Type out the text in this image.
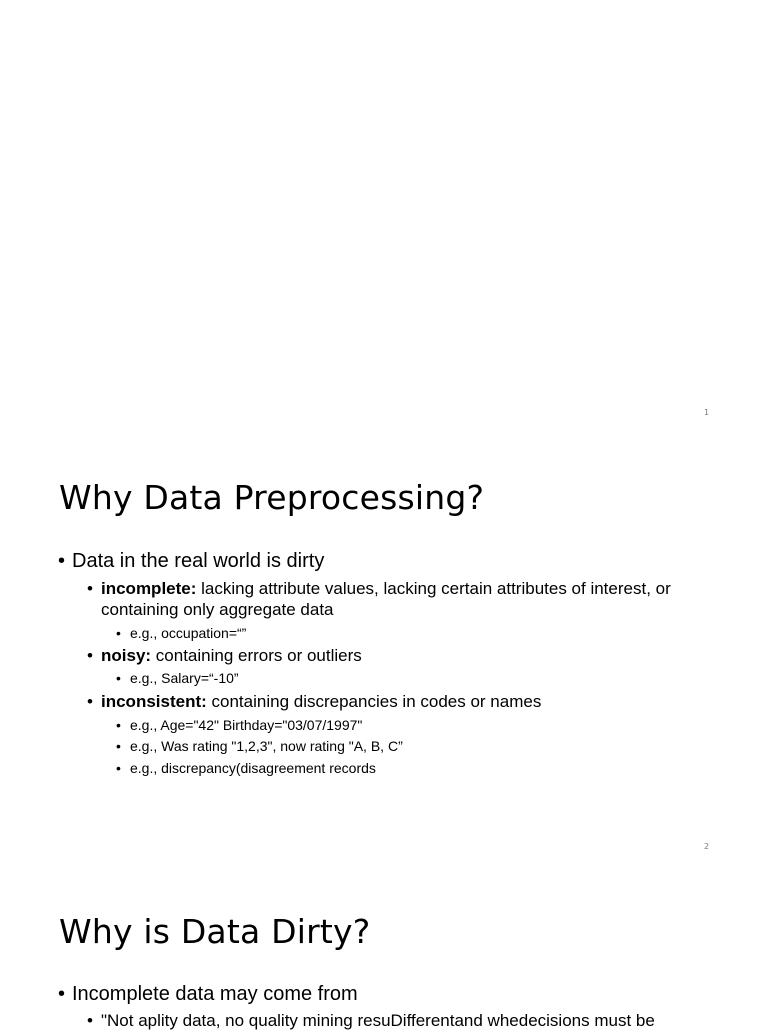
1
Why Data Preprocessing?
• Data in the real world is dirty
• incomplete: lacking attribute values, lacking certain attributes of interest, or
containing only aggregate data
• e.g., occupation=“”
• noisy: containing errors or outliers
• e.g., Salary=“-10”
• inconsistent: containing discrepancies in codes or names
• e.g., Age="42" Birthday="03/07/1997"
• e.g., Was rating "1,2,3", now rating "A, B, C”
• e.g., discrepancy(disagreement records
2
Why is Data Dirty?
• Incomplete data may come from
• "Not aplity data, no quality mining resuDifferentand whedecisions must be
